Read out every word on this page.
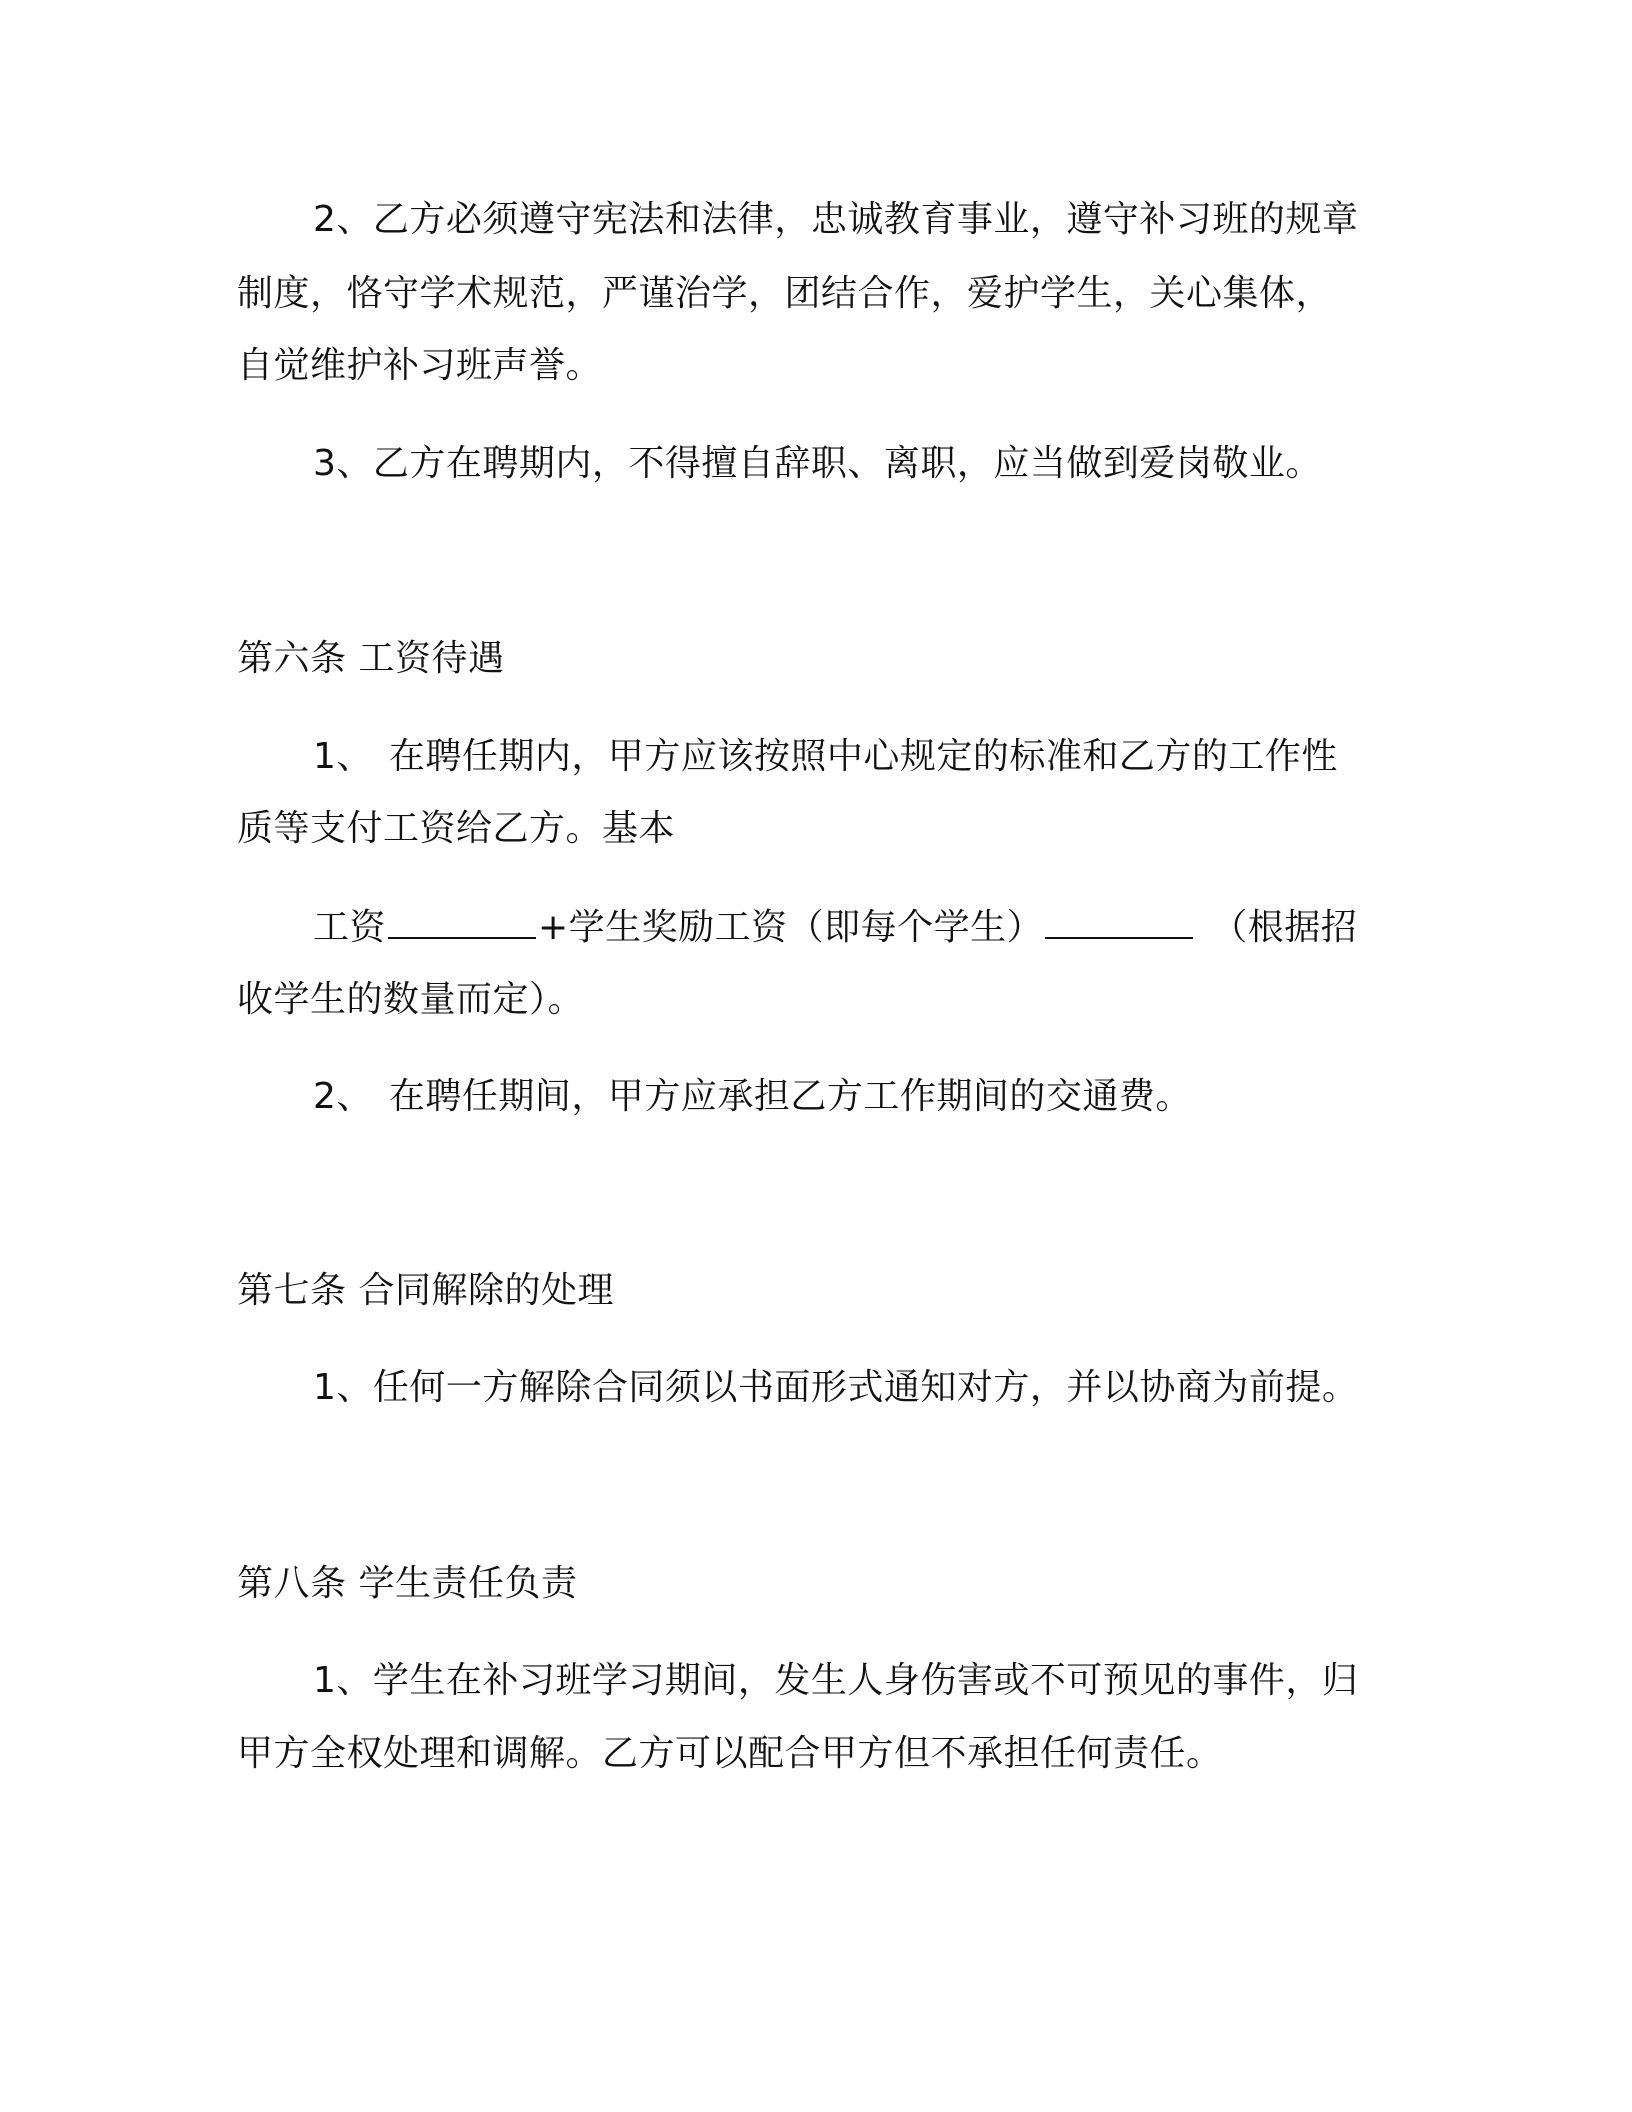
2、乙方必须遵守宪法和法律，忠诚教育事业，遵守补习班的规章
制度，恪守学术规范，严谨治学，团结合作，爱护学生，关心集体，
自觉维护补习班声誉。
3、乙方在聘期内，不得擅自辞职、离职，应当做到爱岗敬业。
第六条 工资待遇
1、 在聘任期内，甲方应该按照中心规定的标准和乙方的工作性
质等支付工资给乙方。基本
工资	+学生奖励工资（即每个学生）	（根据招
收学生的数量而定）。
2、 在聘任期间，甲方应承担乙方工作期间的交通费。
第七条 合同解除的处理
1、任何一方解除合同须以书面形式通知对方，并以协商为前提。
第八条 学生责任负责
1、学生在补习班学习期间，发生人身伤害或不可预见的事件，归
甲方全权处理和调解。乙方可以配合甲方但不承担任何责任。
